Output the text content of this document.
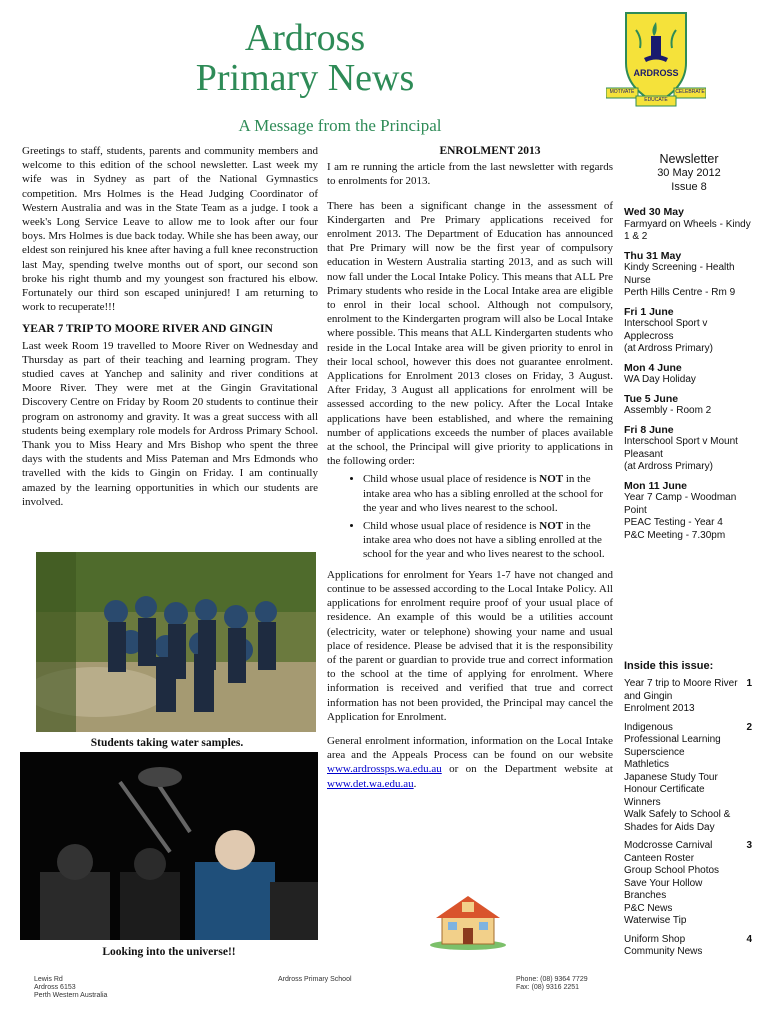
Ardross
Primary News
A Message from the Principal
ARDROSS
MOTIVATE	CELEBRATE
EDUCATE

Greetings to staff, students, parents and community members and welcome to this edition of the school newsletter. Last week my wife was in Sydney as part of the National Gymnastics competition. Mrs Holmes is the Head Judging Coordinator of Western Australia and was in the State Team as a judge. I took a week's Long Service Leave to allow me to look after our four boys. Mrs Holmes is due back today. While she has been away, our eldest son reinjured his knee after having a full knee reconstruction last May, spending twelve months out of sport, our second son broke his right thumb and my youngest son fractured his elbow. Fortunately our third son escaped uninjured! I am returning to work to recuperate!!!

YEAR 7 TRIP TO MOORE RIVER AND GINGIN

Last week Room 19 travelled to Moore River on Wednesday and Thursday as part of their teaching and learning program. They studied caves at Yanchep and salinity and river conditions at Moore River. They were met at the Gingin Gravitational Discovery Centre on Friday by Room 20 students to continue their program on astronomy and gravity. It was a great success with all students being exemplary role models for Ardross Primary School. Thank you to Miss Heary and Mrs Bishop who spent the three days with the students and Miss Pateman and Mrs Edmonds who travelled with the kids to Gingin on Friday. I am continually amazed by the learning opportunities in which our students are involved.

Students taking water samples.
Looking into the universe!!
ENROLMENT 2013

I am re running the article from the last newsletter with regards to enrolments for 2013.

There has been a significant change in the assessment of Kindergarten and Pre Primary applications received for enrolment 2013. The Department of Education has announced that Pre Primary will now be the first year of compulsory education in Western Australia starting 2013, and as such will now fall under the Local Intake Policy. This means that ALL Pre Primary students who reside in the Local Intake area are eligible to enrol in their local school. Although not compulsory, enrolment to the Kindergarten program will also be Local Intake where possible. This means that ALL Kindergarten students who reside in the Local Intake area will be given priority to enrol in their local school, however this does not guarantee enrolment. Applications for Enrolment 2013 closes on Friday, 3 August. After Friday, 3 August all applications for enrolment will be assessed according to the new policy. After the Local Intake applications have been established, and where the remaining number of applications exceeds the number of places available at the school, the Principal will give priority to applications in the following order:

• Child whose usual place of residence is NOT in the intake area who has a sibling enrolled at the school for the year and who lives nearest to the school.
• Child whose usual place of residence is NOT in the intake area who does not have a sibling enrolled at the school for the year and who lives nearest to the school.

Applications for enrolment for Years 1-7 have not changed and continue to be assessed according to the Local Intake Policy. All applications for enrolment require proof of your usual place of residence. An example of this would be a utilities account (electricity, water or telephone) showing your name and usual place of residence. Please be advised that it is the responsibility of the parent or guardian to provide true and correct information to the school at the time of applying for enrolment. Where information is received and verified that true and correct information has not been provided, the Principal may cancel the Application for Enrolment.

General enrolment information, information on the Local Intake area and the Appeals Process can be found on our website www.ardrossps.wa.edu.au or on the Department website at www.det.wa.edu.au.

Newsletter
30 May 2012
Issue 8
Wed 30 May
Farmyard on Wheels - Kindy 1 & 2
Thu 31 May
Kindy Screening - Health Nurse
Perth Hills Centre - Rm 9
Fri 1 June
Interschool Sport v Applecross
(at Ardross Primary)
Mon 4 June
WA Day Holiday
Tue 5 June
Assembly - Room 2
Fri 8 June
Interschool Sport v Mount Pleasant
(at Ardross Primary)
Mon 11 June
Year 7 Camp - Woodman Point
PEAC Testing - Year 4
P&C Meeting - 7.30pm
Inside this issue:
Year 7 trip to Moore River and Gingin
Enrolment 2013
1
Indigenous
Professional Learning
Superscience
Mathletics
Japanese Study Tour
Honour Certificate Winners
Walk Safely to School & Shades for Aids Day
2
Modcrosse Carnival
Canteen Roster
Group School Photos
Save Your Hollow Branches
P&C News
Waterwise Tip
3
Uniform Shop
Community News
4
Lewis Rd
Ardross 6153
Perth Western Australia
Ardross Primary School	Phone: (08) 9364 7729
Fax: (08) 9316 2251
